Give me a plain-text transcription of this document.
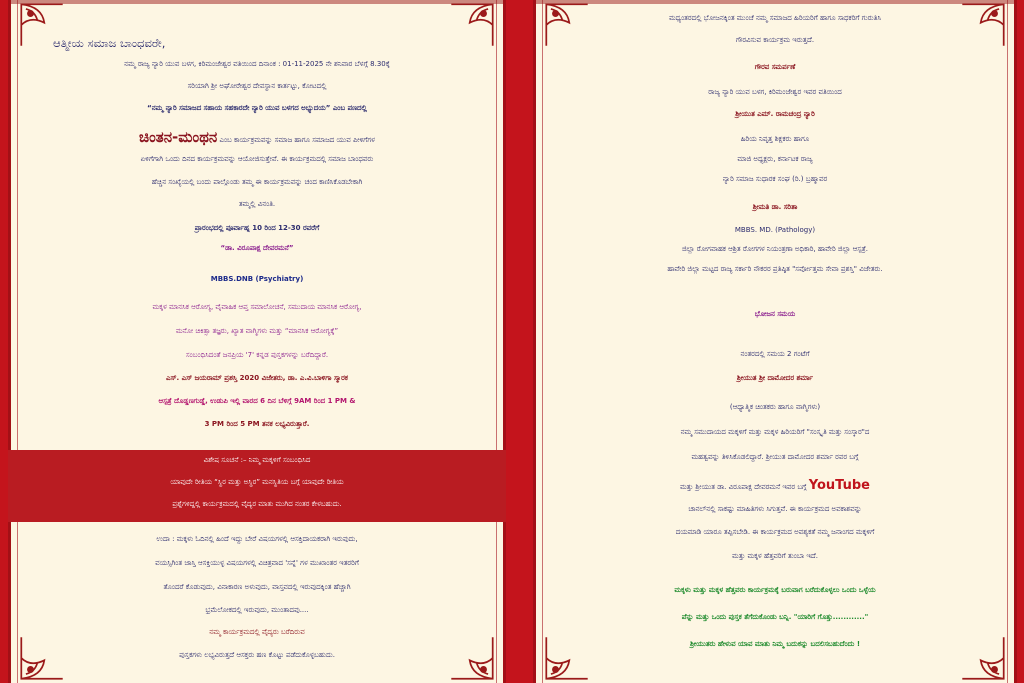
ಆತ್ಮೀಯ ಸಮಾಜ ಬಾಂಧವರೇ,
ನಮ್ಮ ರಾಜ್ಯ ನ್ಯಾರಿ ಯುವ ಬಳಗ, ಕಿರಿಮಂಜೇಶ್ವರ ವತಿಯಿಂದ ದಿನಾಂಕ : 01-11-2025 ನೇ ಶನಿವಾರ ಬೆಳಗ್ಗೆ 8.30ಕ್ಕೆ
ಸರಿಯಾಗಿ ಶ್ರೀ ಅಘೋರೇಶ್ವರ ದೇವಸ್ಥಾನ ಕಾರ್ತಟ್ಟು, ಕೋಟದಲ್ಲಿ
“ನಮ್ಮ ನ್ಯಾರಿ ಸಮಾಜದ ಸಹಾಯ ಸಹಕಾರದೇ ನ್ಯಾರಿ ಯುವ ಬಳಗದ ಅಭ್ಯುದಯ” ಎಂಬ ಪಣದಲ್ಲಿ
ಚಿಂತನ-ಮಂಥನ ಎಂಬ ಕಾರ್ಯಕ್ರಮವನ್ನು ಸಮಾಜ ಹಾಗೂ ಸಮಾಜದ ಯುವ ಪೀಳಿಗೆಗಳ
ಏಳಿಗೆಗಾಗಿ ಒಂದು ದಿನದ ಕಾರ್ಯಕ್ರಮವನ್ನು ಆಯೋಜಿಸುತ್ತೇವೆ. ಈ ಕಾರ್ಯಕ್ರಮದಲ್ಲಿ ಸಮಾಜ ಬಾಂಧವರು
ಹೆಚ್ಚಿನ ಸಂಖ್ಯೆಯಲ್ಲಿ ಬಂದು ಪಾಲ್ಗೊಂಡು ತಮ್ಮ ಈ ಕಾರ್ಯಕ್ರಮವನ್ನು ಚಂದ ಕಾಣಿಸಿಕೊಡಬೇಕಾಗಿ
ತಮ್ಮಲ್ಲಿ ವಿನಂತಿ.
ಪ್ರಾರಂಭದಲ್ಲಿ ಪೂರ್ವಾಹ್ನ 10 ರಿಂದ 12-30 ರವರೆಗೆ
“ಡಾ. ವಿರೂಪಾಕ್ಷ ದೇವರಮನೆ”
MBBS.DNB (Psychiatry)
ಮಕ್ಕಳ ಮಾನಸಿಕ ಆರೋಗ್ಯ, ವೈವಾಹಿಕ ಆಪ್ತ ಸಮಾಲೋಚನೆ, ಸಮುದಾಯ ಮಾನಸಿಕ ಆರೋಗ್ಯ,
ಮನೋ ಚಿಕಿತ್ಸಾ ತಜ್ಞರು, ಖ್ಯಾತ ವಾಗ್ಮಿಗಳು ಮತ್ತು “ಮಾನಸಿಕ ಆರೋಗ್ಯಕ್ಕೆ”
ಸಂಬಂಧಿಸಿದಂತೆ ಜನಪ್ರಿಯ '7' ಕನ್ನಡ ಪುಸ್ತಕಗಳನ್ನು ಬರೆದಿದ್ದಾರೆ.
ಎಸ್. ಎಸ್ ಜಯರಾಮ್ ಪ್ರಶಸ್ತಿ 2020 ವಿಜೇತರು, ಡಾ. ಎ.ವಿ.ಬಾಳಿಗಾ ಸ್ಮಾರಕ
ಆಸ್ಪತ್ರೆ ದೊಡ್ಡಣಗುಡ್ಡೆ, ಉಡುಪಿ ಇಲ್ಲಿ ವಾರದ 6 ದಿನ ಬೆಳಿಗ್ಗೆ 9AM ರಿಂದ 1 PM &
3 PM ರಿಂದ 5 PM ತನಕ ಲಭ್ಯವಿರುತ್ತಾರೆ.
ಉದಾ : ಮಕ್ಕಳು ಓದಿನಲ್ಲಿ ಹಿಂದೆ ಇದ್ದು ಬೇರೆ ವಿಷಯಗಳಲ್ಲಿ ಆಸಕ್ತಿದಾಯಕರಾಗಿ ಇರುವುದು,
ವಯಸ್ಸಿಗಿಂತ ಜಾಸ್ತಿ ಆಸಕ್ತಿಯುಳ್ಳ ವಿಷಯಗಳಲ್ಲಿ ವಿಚಿತ್ರವಾದ 'ಸನ್ನೆ' ಗಳ ಮುಖಾಂತರ ಇತರರಿಗೆ
ತೊಂದರೆ ಕೊಡುವುದು, ವಿನಾಕಾರಣ ಅಳುವುದು, ವಾಸ್ತವದಲ್ಲಿ ಇರುವುದಕ್ಕಿಂತ ಹೆಚ್ಚಾಗಿ
ಭ್ರಮೆಲೋಕದಲ್ಲಿ ಇರುವುದು, ಮುಂತಾದವು....
ನಮ್ಮ ಕಾರ್ಯಕ್ರಮದಲ್ಲಿ ವೈದ್ಯರು ಬರೆದಿರುವ
ಪುಸ್ತಕಗಳು ಲಭ್ಯವಿರುತ್ತದೆ ಆಸಕ್ತರು ಹಣ ಕೊಟ್ಟು ಪಡೆದುಕೊಳ್ಳಬಹುದು.
ವಿಶೇಷ ಸೂಚನೆ :– ನಿಮ್ಮ ಮಕ್ಕಳಿಗೆ ಸಂಬಂಧಿಸಿದ
ಯಾವುದೇ ರೀತಿಯ “ಸ್ಥಿರ ಮತ್ತು ಅಸ್ಥಿರ” ಮನಸ್ಥಿತಿಯ ಬಗ್ಗೆ ಯಾವುದೇ ರೀತಿಯ
ಪ್ರಶ್ನೆಗಳಿದ್ದಲ್ಲಿ ಕಾರ್ಯಕ್ರಮದಲ್ಲಿ ವೈದ್ಯರ ಮಾತು ಮುಗಿದ ನಂತರ ಕೇಳಬಹುದು.
ಮಧ್ಯಂತರದಲ್ಲಿ ಭೋಜನಕ್ಕಿಂತ ಮುಂಚೆ ನಮ್ಮ ಸಮಾಜದ ಹಿರಿಯರಿಗೆ ಹಾಗೂ ಸಾಧಕರಿಗೆ ಗುರುತಿಸಿ
ಗೌರವಿಸುವ ಕಾರ್ಯಕ್ರಮ ಇರುತ್ತದೆ.
ಗೌರವ ಸಮರ್ಪಣೆ
ರಾಜ್ಯ ನ್ಯಾರಿ ಯುವ ಬಳಗ, ಕಿರಿಮಂಜೇಶ್ವರ ಇವರ ವತಿಯಿಂದ
ಶ್ರೀಯುತ ಎಮ್. ರಾಮಚಂದ್ರ ನ್ಯಾರಿ
ಹಿರಿಯ ನಿವೃತ್ತ ಶಿಕ್ಷಕರು ಹಾಗೂ
ಮಾಜಿ ಅಧ್ಯಕ್ಷರು, ಕರ್ನಾಟಕ ರಾಜ್ಯ
ನ್ಯಾರಿ ಸಮಾಜ ಸುಧಾರಕ ಸಂಘ (ರಿ.) ಬ್ರಹ್ಮಾವರ
ಶ್ರೀಮತಿ ಡಾ. ಸರಿತಾ
MBBS. MD. (Pathology)
ಜಿಲ್ಲಾ ರೋಗವಾಹಕ ಆಶ್ರಿತ ರೋಗಗಳ ನಿಯಂತ್ರಣಾ ಅಧಿಕಾರಿ, ಹಾವೇರಿ ಜಿಲ್ಲಾ ಆಸ್ಪತ್ರೆ.
ಹಾವೇರಿ ಜಿಲ್ಲಾ ಮಟ್ಟದ ರಾಜ್ಯ ಸರ್ಕಾರಿ ನೌಕರರ ಪ್ರತಿಷ್ಠಿತ "ಸರ್ವೋತ್ತಮ ಸೇವಾ ಪ್ರಶಸ್ತಿ" ವಿಜೇತರು.
ಭೋಜನ ಸಮಯ
ನಂತರದಲ್ಲಿ ಸಮಯ 2 ಗಂಟೆಗೆ
ಶ್ರೀಯುತ ಶ್ರೀ ದಾಮೋದರ ಶರ್ಮಾ
(ಆಧ್ಯಾತ್ಮಿಕ ಚಿಂತಕರು ಹಾಗೂ ವಾಗ್ಮಿಗಳು)
ನಮ್ಮ ಸಮುದಾಯದ ಮಕ್ಕಳಿಗೆ ಮತ್ತು ಮಕ್ಕಳ ಹಿರಿಯರಿಗೆ "ಸಂಸ್ಕೃತಿ ಮತ್ತು ಸಂಸ್ಕಾರ"ದ
ಮಹತ್ವವನ್ನು ತಿಳಿಸಿಕೊಡಲಿದ್ದಾರೆ. ಶ್ರೀಯುತ ದಾಮೋದರ ಶರ್ಮಾ ರವರ ಬಗ್ಗೆ
ಮತ್ತು ಶ್ರೀಯುತ ಡಾ. ವಿರೂಪಾಕ್ಷ ದೇವರಮನೆ ಇವರ ಬಗ್ಗೆ YouTube
ಚಾನಲ್‌ನಲ್ಲಿ ಸಾಕಷ್ಟು ಮಾಹಿತಿಗಳು ಸಿಗುತ್ತವೆ. ಈ ಕಾರ್ಯಕ್ರಮದ ಅವಕಾಶವನ್ನು
ದಯಮಾಡಿ ಯಾರೂ ತಪ್ಪಿಸಬೇಡಿ. ಈ ಕಾರ್ಯಕ್ರಮದ ಅವಶ್ಯಕತೆ ನಮ್ಮ ಜನಾಂಗದ ಮಕ್ಕಳಿಗೆ
ಮತ್ತು ಮಕ್ಕಳ ಹೆತ್ತವರಿಗೆ ತುಂಬಾ ಇದೆ.
ಮಕ್ಕಳು ಮತ್ತು ಮಕ್ಕಳ ಹೆತ್ತವರು ಕಾರ್ಯಕ್ರಮಕ್ಕೆ ಬರುವಾಗ ಬರೆದುಕೊಳ್ಳಲು ಒಂದು ಒಳ್ಳೆಯ
ಪೆನ್ನು ಮತ್ತು ಒಂದು ಪುಸ್ತಕ ತೆಗೆದುಕೊಂಡು ಬನ್ನಿ. "ಯಾರಿಗೆ ಗೊತ್ತು............"
ಶ್ರೀಯುತರು ಹೇಳುವ ಯಾವ ಮಾತು ನಿಮ್ಮ ಬದುಕನ್ನು ಬದಲಿಸಬಹುದೆಂದು !
